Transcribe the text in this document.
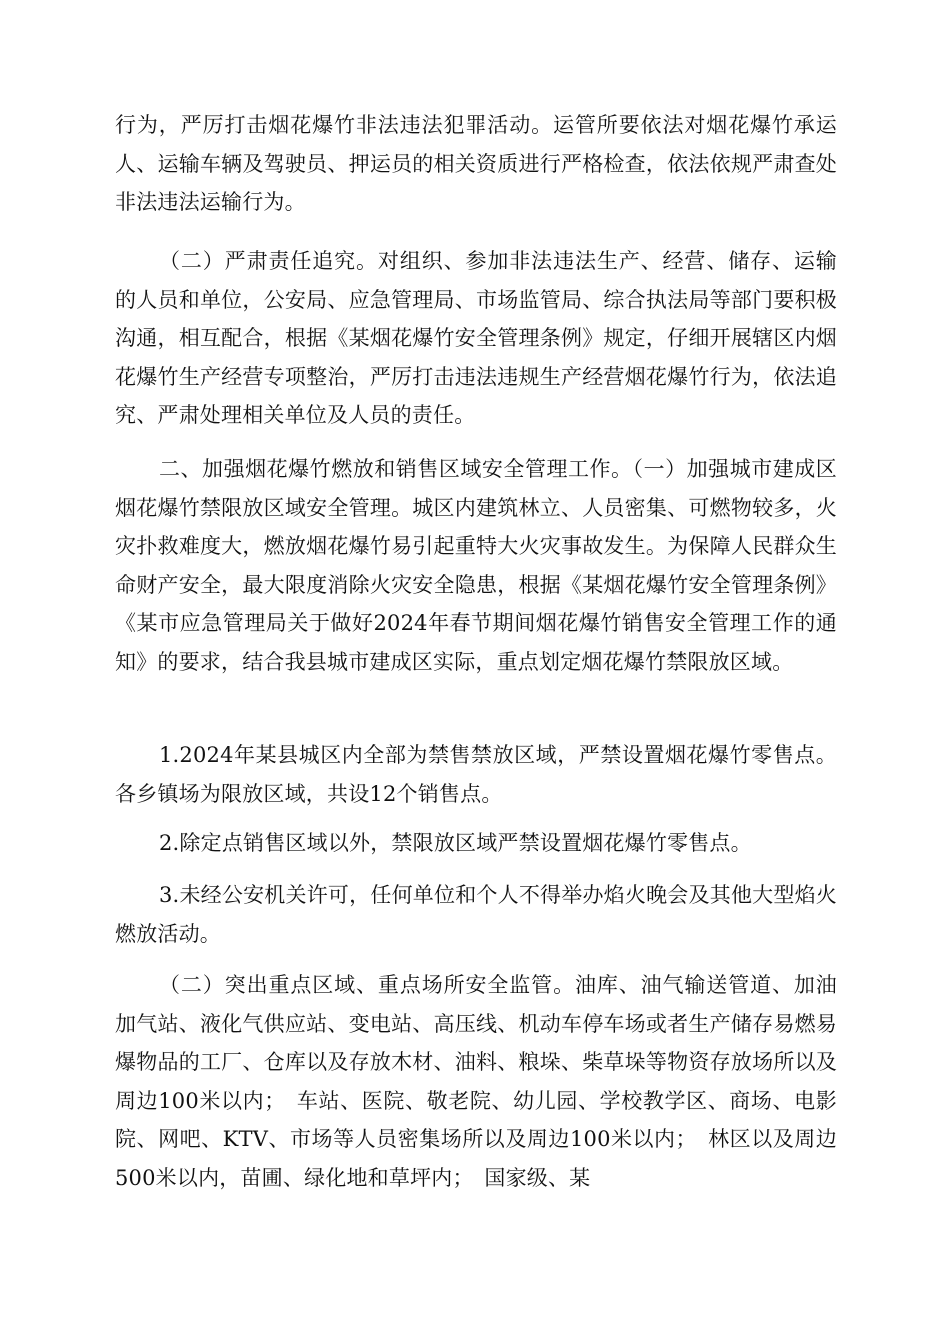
行为，严厉打击烟花爆竹非法违法犯罪活动。运管所要依法对烟花爆竹承运人、运输车辆及驾驶员、押运员的相关资质进行严格检查，依法依规严肃查处非法违法运输行为。

（二）严肃责任追究。对组织、参加非法违法生产、经营、储存、运输的人员和单位，公安局、应急管理局、市场监管局、综合执法局等部门要积极沟通，相互配合，根据《某烟花爆竹安全管理条例》规定，仔细开展辖区内烟花爆竹生产经营专项整治，严厉打击违法违规生产经营烟花爆竹行为，依法追究、严肃处理相关单位及人员的责任。

二、加强烟花爆竹燃放和销售区域安全管理工作。（一）加强城市建成区烟花爆竹禁限放区域安全管理。城区内建筑林立、人员密集、可燃物较多，火灾扑救难度大，燃放烟花爆竹易引起重特大火灾事故发生。为保障人民群众生命财产安全，最大限度消除火灾安全隐患，根据《某烟花爆竹安全管理条例》《某市应急管理局关于做好2024年春节期间烟花爆竹销售安全管理工作的通知》的要求，结合我县城市建成区实际，重点划定烟花爆竹禁限放区域。

1.2024年某县城区内全部为禁售禁放区域，严禁设置烟花爆竹零售点。各乡镇场为限放区域，共设12个销售点。

2.除定点销售区域以外，禁限放区域严禁设置烟花爆竹零售点。

3.未经公安机关许可，任何单位和个人不得举办焰火晚会及其他大型焰火燃放活动。

（二）突出重点区域、重点场所安全监管。油库、油气输送管道、加油加气站、液化气供应站、变电站、高压线、机动车停车场或者生产储存易燃易爆物品的工厂、仓库以及存放木材、油料、粮垛、柴草垛等物资存放场所以及周边100米以内；　车站、医院、敬老院、幼儿园、学校教学区、商场、电影院、网吧、KTV、市场等人员密集场所以及周边100米以内；　林区以及周边500米以内，苗圃、绿化地和草坪内；　国家级、某
